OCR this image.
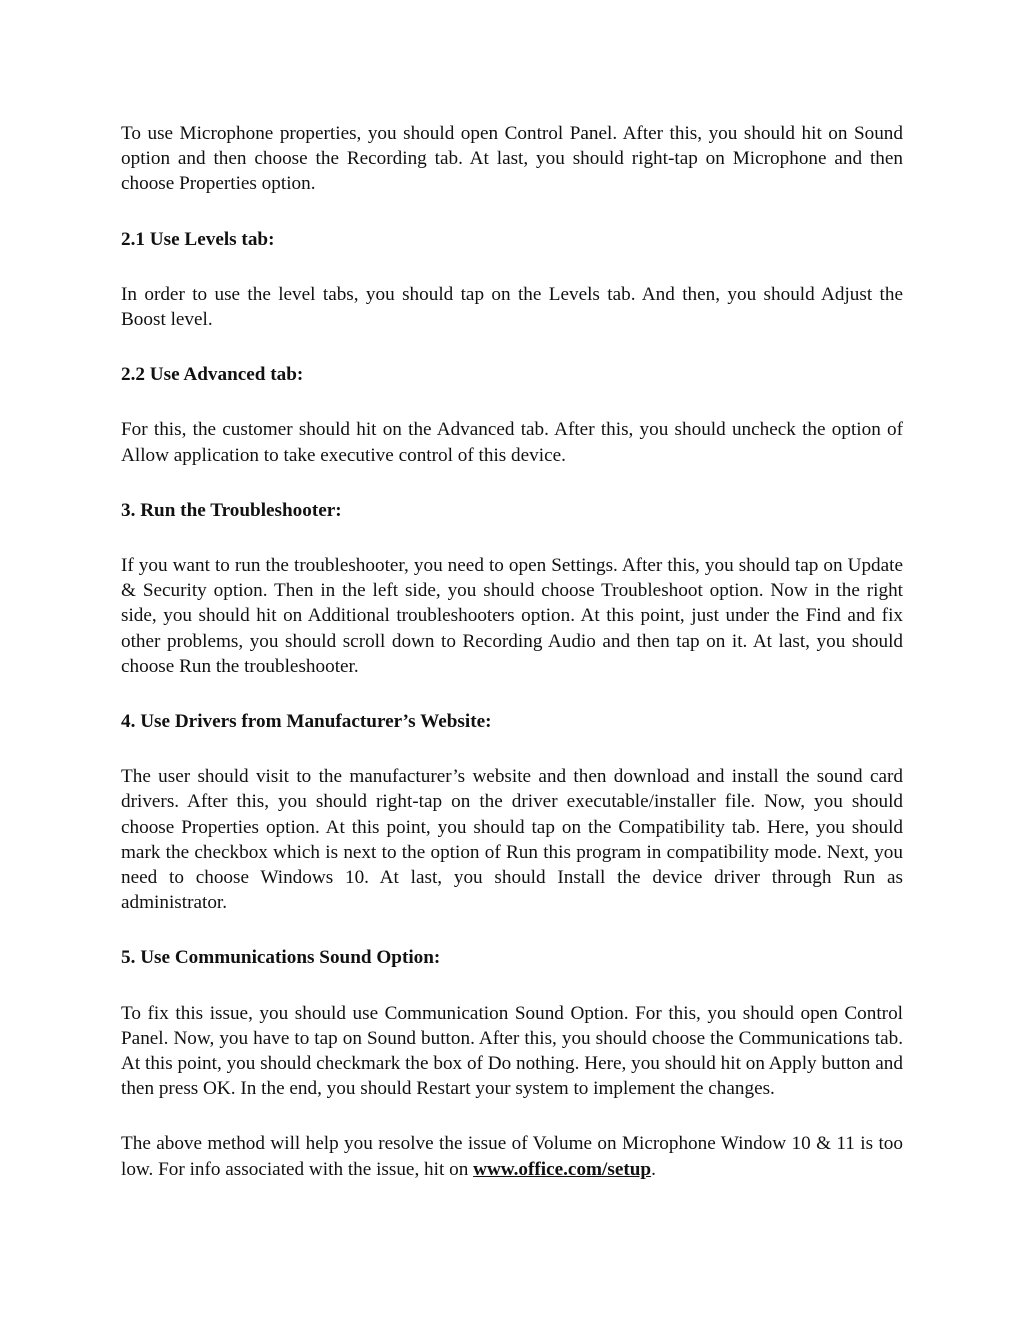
To use Microphone properties, you should open Control Panel. After this, you should hit on Sound option and then choose the Recording tab. At last, you should right-tap on Microphone and then choose Properties option.

2.1 Use Levels tab:

In order to use the level tabs, you should tap on the Levels tab. And then, you should Adjust the Boost level.

2.2 Use Advanced tab:

For this, the customer should hit on the Advanced tab. After this, you should uncheck the option of Allow application to take executive control of this device.

3. Run the Troubleshooter:

If you want to run the troubleshooter, you need to open Settings. After this, you should tap on Update & Security option. Then in the left side, you should choose Troubleshoot option. Now in the right side, you should hit on Additional troubleshooters option. At this point, just under the Find and fix other problems, you should scroll down to Recording Audio and then tap on it. At last, you should choose Run the troubleshooter.

4. Use Drivers from Manufacturer’s Website:

The user should visit to the manufacturer’s website and then download and install the sound card drivers. After this, you should right-tap on the driver executable/installer file. Now, you should choose Properties option. At this point, you should tap on the Compatibility tab. Here, you should mark the checkbox which is next to the option of Run this program in compatibility mode. Next, you need to choose Windows 10. At last, you should Install the device driver through Run as administrator.

5. Use Communications Sound Option:

To fix this issue, you should use Communication Sound Option. For this, you should open Control Panel. Now, you have to tap on Sound button. After this, you should choose the Communications tab. At this point, you should checkmark the box of Do nothing. Here, you should hit on Apply button and then press OK. In the end, you should Restart your system to implement the changes.

The above method will help you resolve the issue of Volume on Microphone Window 10 & 11 is too low. For info associated with the issue, hit on www.office.com/setup.
